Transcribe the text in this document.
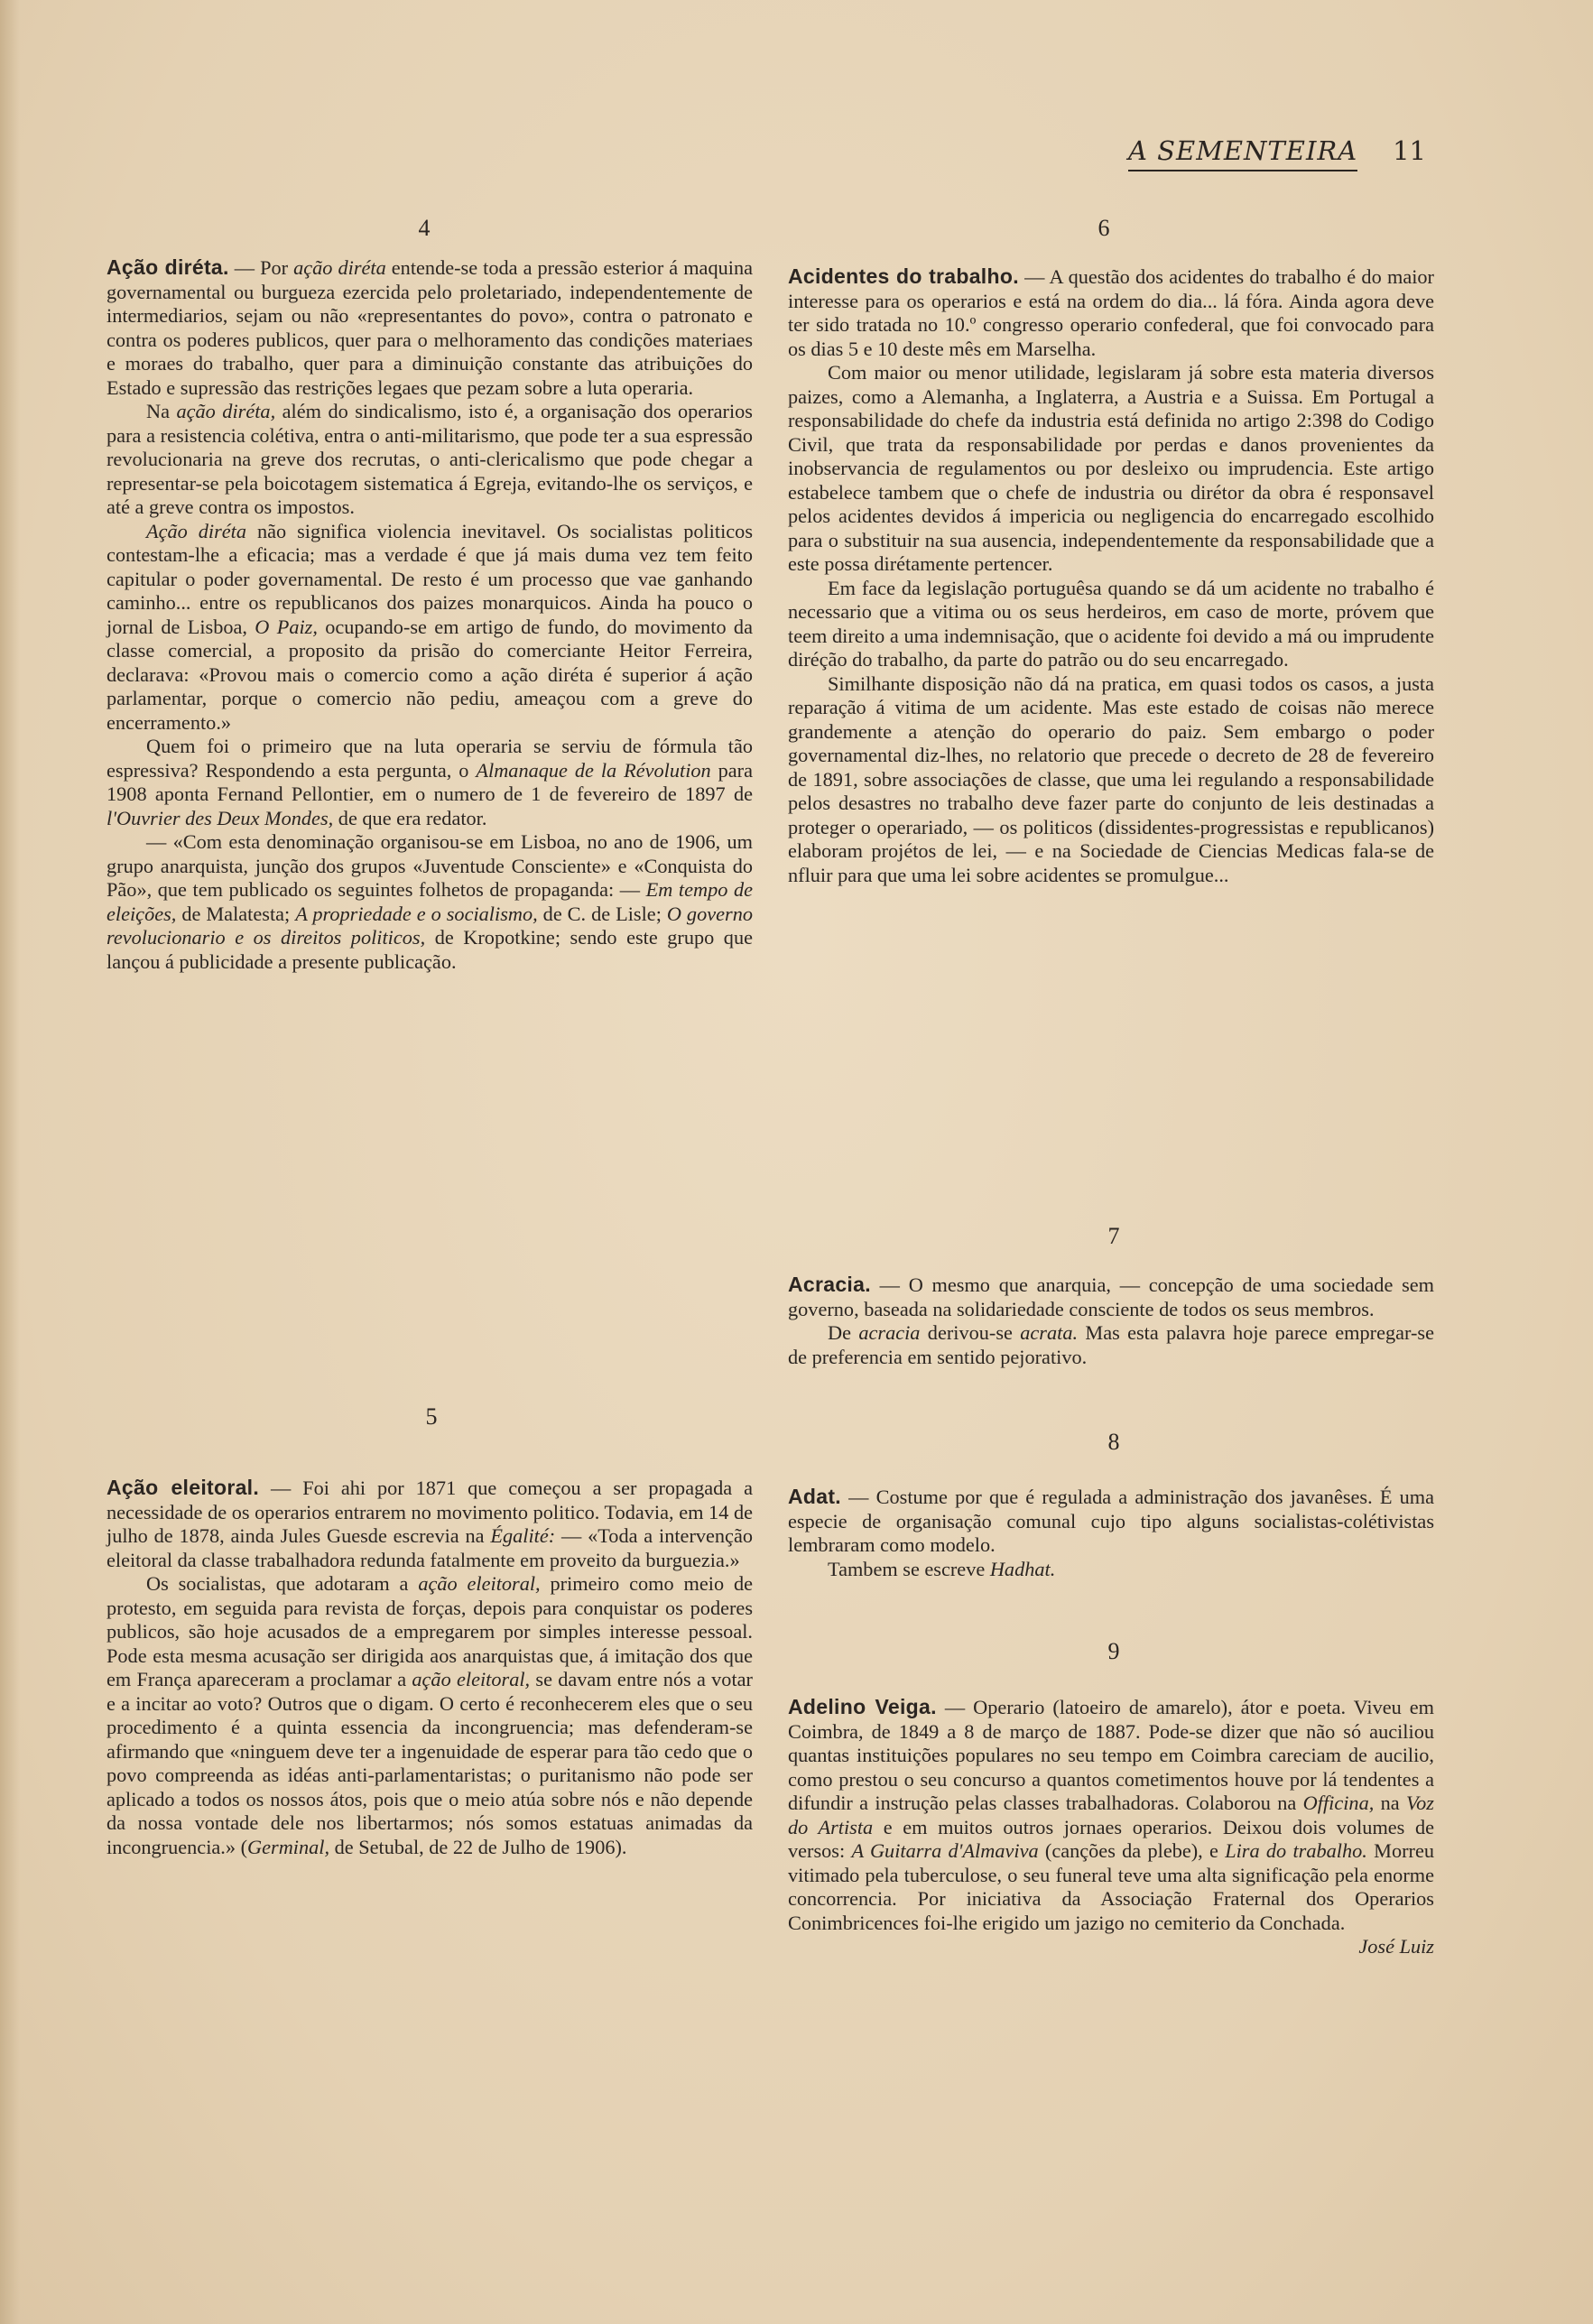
A SEMENTEIRA 11
4

Ação diréta. — Por ação diréta entende-se toda a pressão esterior á maquina governamental ou burgueza ezercida pelo proletariado, independentemente de intermediarios, sejam ou não «representantes do povo», contra o patronato e contra os poderes publicos, quer para o melhoramento das condições materiaes e moraes do trabalho, quer para a diminuição constante das atribuições do Estado e supressão das restrições legaes que pezam sobre a luta operaria.

Na ação diréta, além do sindicalismo, isto é, a organisação dos operarios para a resistencia colétiva, entra o anti-militarismo, que pode ter a sua espressão revolucionaria na greve dos recrutas, o anti-clericalismo que pode chegar a representar-se pela boicotagem sistematica á Egreja, evitando-lhe os serviços, e até a greve contra os impostos.

Ação diréta não significa violencia inevitavel. Os socialistas politicos contestam-lhe a eficacia; mas a verdade é que já mais duma vez tem feito capitular o poder governamental. De resto é um processo que vae ganhando caminho... entre os republicanos dos paizes monarquicos. Ainda ha pouco o jornal de Lisboa, O Paiz, ocupando-se em artigo de fundo, do movimento da classe comercial, a proposito da prisão do comerciante Heitor Ferreira, declarava: «Provou mais o comercio como a ação diréta é superior á ação parlamentar, porque o comercio não pediu, ameaçou com a greve do encerramento.»

Quem foi o primeiro que na luta operaria se serviu de fórmula tão espressiva? Respondendo a esta pergunta, o Almanaque de la Révolution para 1908 aponta Fernand Pellontier, em o numero de 1 de fevereiro de 1897 de l'Ouvrier des Deux Mondes, de que era redator.

— «Com esta denominação organisou-se em Lisboa, no ano de 1906, um grupo anarquista, junção dos grupos «Juventude Consciente» e «Conquista do Pão», que tem publicado os seguintes folhetos de propaganda: — Em tempo de eleições, de Malatesta; A propriedade e o socialismo, de C. de Lisle; O governo revolucionario e os direitos politicos, de Kropotkine; sendo este grupo que lançou á publicidade a presente publicação.

5

Ação eleitoral. — Foi ahi por 1871 que começou a ser propagada a necessidade de os operarios entrarem no movimento politico. Todavia, em 14 de julho de 1878, ainda Jules Guesde escrevia na Égalité: — «Toda a intervenção eleitoral da classe trabalhadora redunda fatalmente em proveito da burguezia.»

Os socialistas, que adotaram a ação eleitoral, primeiro como meio de protesto, em seguida para revista de forças, depois para conquistar os poderes publicos, são hoje acusados de a empregarem por simples interesse pessoal. Pode esta mesma acusação ser dirigida aos anarquistas que, á imitação dos que em França apareceram a proclamar a ação eleitoral, se davam entre nós a votar e a incitar ao voto? Outros que o digam. O certo é reconhecerem eles que o seu procedimento é a quinta essencia da incongruencia; mas defenderam-se afirmando que «ninguem deve ter a ingenuidade de esperar para tão cedo que o povo compreenda as idéas anti-parlamentaristas; o puritanismo não pode ser aplicado a todos os nossos átos, pois que o meio atúa sobre nós e não depende da nossa vontade dele nos libertarmos; nós somos estatuas animadas da incongruencia.» (Germinal, de Setubal, de 22 de Julho de 1906).

6

Acidentes do trabalho. — A questão dos acidentes do trabalho é do maior interesse para os operarios e está na ordem do dia... lá fóra. Ainda agora deve ter sido tratada no 10.º congresso operario confederal, que foi convocado para os dias 5 e 10 deste mês em Marselha.

Com maior ou menor utilidade, legislaram já sobre esta materia diversos paizes, como a Alemanha, a Inglaterra, a Austria e a Suissa. Em Portugal a responsabilidade do chefe da industria está definida no artigo 2:398 do Codigo Civil, que trata da responsabilidade por perdas e danos provenientes da inobservancia de regulamentos ou por desleixo ou imprudencia. Este artigo estabelece tambem que o chefe de industria ou dirétor da obra é responsavel pelos acidentes devidos á impericia ou negligencia do encarregado escolhido para o substituir na sua ausencia, independentemente da responsabilidade que a este possa dirétamente pertencer.

Em face da legislação portuguêsa quando se dá um acidente no trabalho é necessario que a vitima ou os seus herdeiros, em caso de morte, próvem que teem direito a uma indemnisação, que o acidente foi devido a má ou imprudente diréção do trabalho, da parte do patrão ou do seu encarregado.

Similhante disposição não dá na pratica, em quasi todos os casos, a justa reparação á vitima de um acidente. Mas este estado de coisas não merece grandemente a atenção do operario do paiz. Sem embargo o poder governamental diz-lhes, no relatorio que precede o decreto de 28 de fevereiro de 1891, sobre associações de classe, que uma lei regulando a responsabilidade pelos desastres no trabalho deve fazer parte do conjunto de leis destinadas a proteger o operariado, — os politicos (dissidentes-progressistas e republicanos) elaboram projétos de lei, — e na Sociedade de Ciencias Medicas fala-se de nfluir para que uma lei sobre acidentes se promulgue...

7

Acracia. — O mesmo que anarquia, — concepção de uma sociedade sem governo, baseada na solidariedade consciente de todos os seus membros.

De acracia derivou-se acrata. Mas esta palavra hoje parece empregar-se de preferencia em sentido pejorativo.

8

Adat. — Costume por que é regulada a administração dos javanêses. É uma especie de organisação comunal cujo tipo alguns socialistas-colétivistas lembraram como modelo.

Tambem se escreve Hadhat.

9

Adelino Veiga. — Operario (latoeiro de amarelo), átor e poeta. Viveu em Coimbra, de 1849 a 8 de março de 1887. Pode-se dizer que não só auciliou quantas instituições populares no seu tempo em Coimbra careciam de aucilio, como prestou o seu concurso a quantos cometimentos houve por lá tendentes a difundir a instrução pelas classes trabalhadoras. Colaborou na Officina, na Voz do Artista e em muitos outros jornaes operarios. Deixou dois volumes de versos: A Guitarra d'Almaviva (canções da plebe), e Lira do trabalho. Morreu vitimado pela tuberculose, o seu funeral teve uma alta significação pela enorme concorrencia. Por iniciativa da Associação Fraternal dos Operarios Conimbricences foi-lhe erigido um jazigo no cemiterio da Conchada.

José Luiz
